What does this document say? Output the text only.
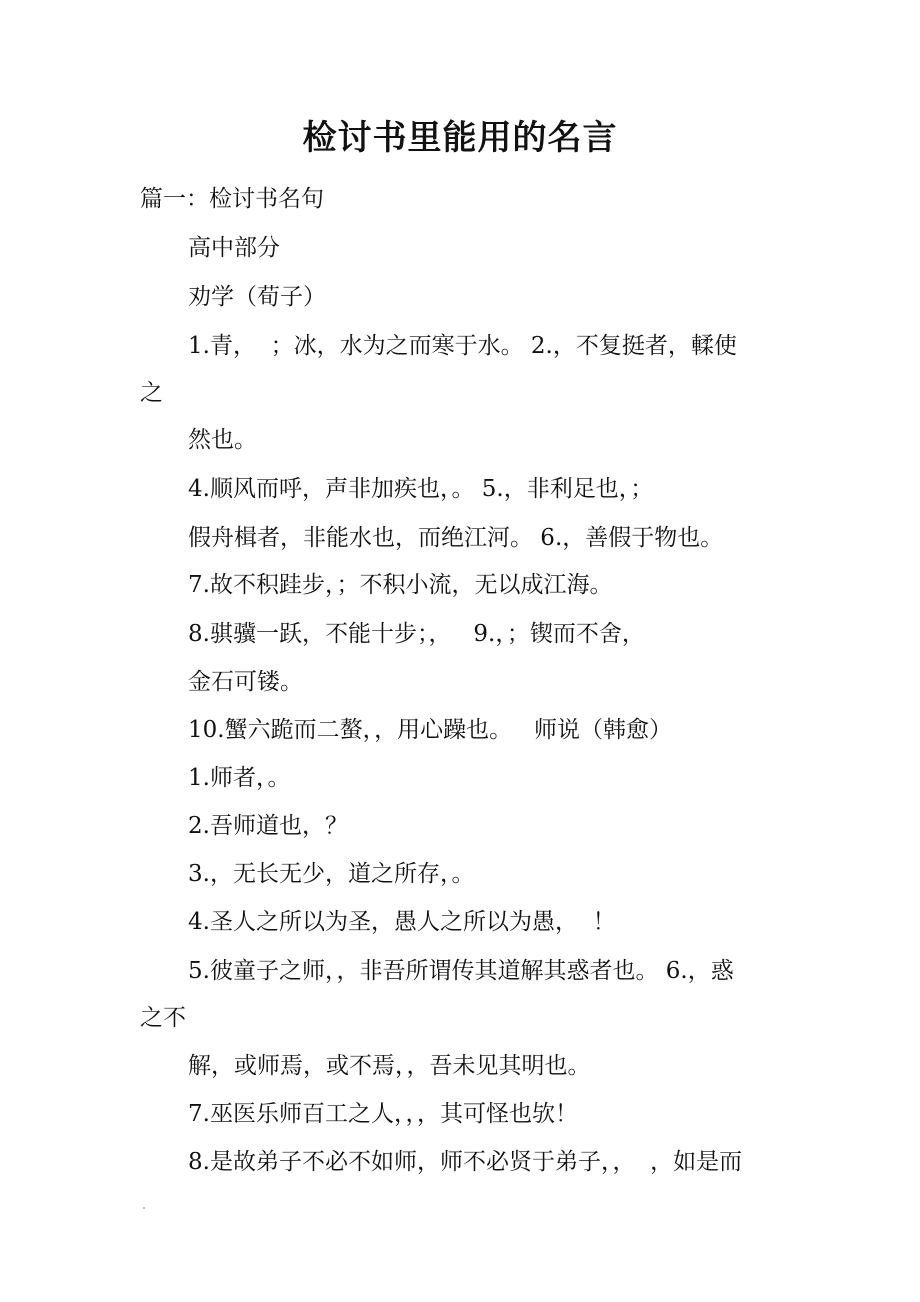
检讨书里能用的名言

篇一：检讨书名句

高中部分

劝学（荀子）

1.青，  ；冰，水为之而寒于水。 2.，不复挺者，輮使

之

然也。

4.顺风而呼，声非加疾也，。 5.，非利足也，；

假舟楫者，非能水也，而绝江河。 6.，善假于物也。

7.故不积跬步，；不积小流，无以成江海。

8.骐骥一跃，不能十步；，   9.，；锲而不舍，

金石可镂。

10.蟹六跪而二螯，，用心躁也。   师说（韩愈）

1.师者，。

2.吾师道也，？

3.，无长无少，道之所存，。

4.圣人之所以为圣，愚人之所以为愚，  ！

5.彼童子之师，，非吾所谓传其道解其惑者也。 6.，惑

之不

解，或师焉，或不焉，，吾未见其明也。

7.巫医乐师百工之人，，，其可怪也欤！

8.是故弟子不必不如师，师不必贤于弟子，，  ，如是而
